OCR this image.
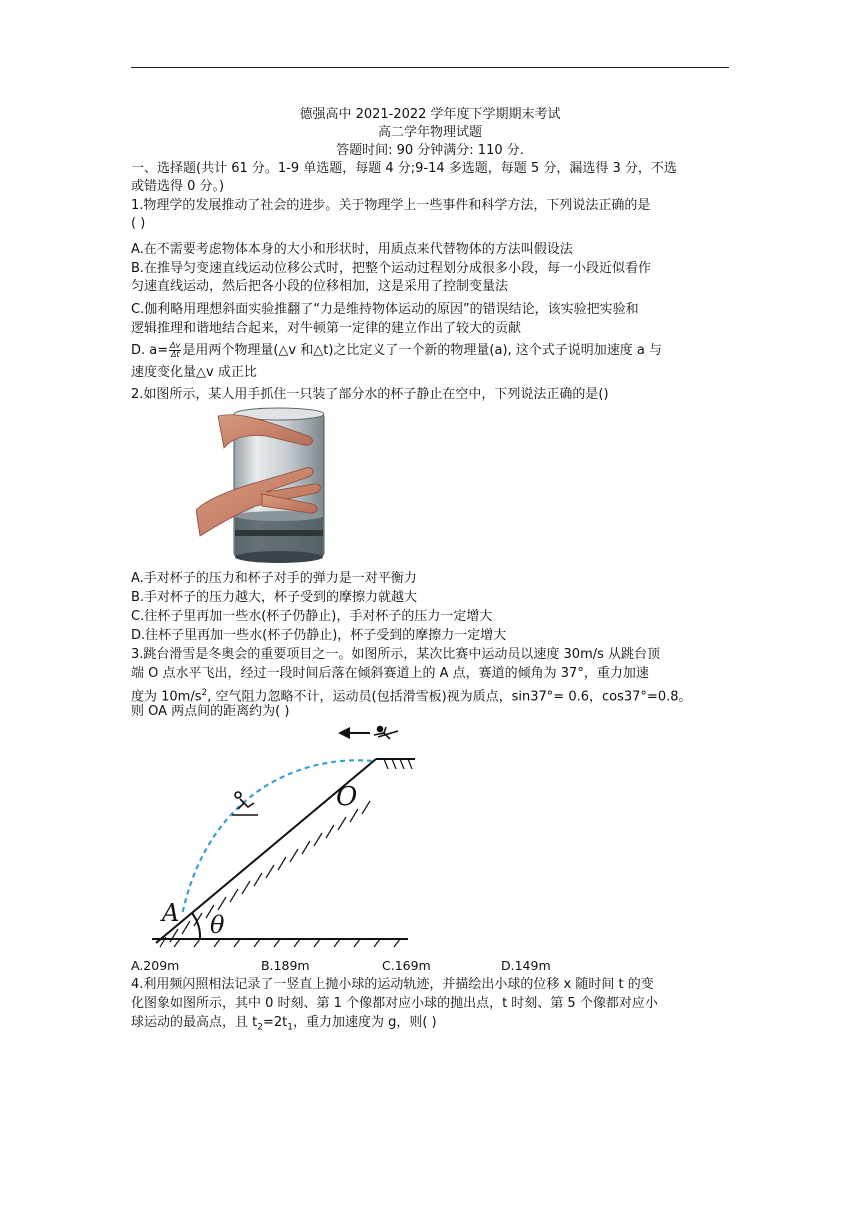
德强高中 2021-2022 学年度下学期期末考试
高二学年物理试题
答题时间: 90 分钟满分: 110 分.
一、选择题(共计 61 分。1-9 单选题，每题 4 分;9-14 多选题，每题 5 分，漏选得 3 分，不选
或错选得 0 分。)
1.物理学的发展推动了社会的进步。关于物理学上一些事件和科学方法，下列说法正确的是
( )
A.在不需要考虑物体本身的大小和形状时，用质点来代替物体的方法叫假设法
B.在推导匀变速直线运动位移公式时，把整个运动过程划分成很多小段，每一小段近似看作
匀速直线运动，然后把各小段的位移相加，这是采用了控制变量法
C.伽利略用理想斜面实验推翻了“力是维持物体运动的原因”的错误结论，该实验把实验和
逻辑推理和谐地结合起来，对牛顿第一定律的建立作出了较大的贡献
D. $a= \frac{\Delta v}{\Delta t}$ 是用两个物理量(△v 和△t)之比定义了一个新的物理量(a), 这个式子说明加速度 a 与
速度变化量△v 成正比
2.如图所示，某人用手抓住一只装了部分水的杯子静止在空中，下列说法正确的是()
A.手对杯子的压力和杯子对手的弹力是一对平衡力
B.手对杯子的压力越大，杯子受到的摩擦力就越大
C.往杯子里再加一些水(杯子仍静止)，手对杯子的压力一定增大
D.往杯子里再加一些水(杯子仍静止)，杯子受到的摩擦力一定增大
3.跳台滑雪是冬奥会的重要项目之一。如图所示，某次比赛中运动员以速度 30m/s 从跳台顶
端 O 点水平飞出，经过一段时间后落在倾斜赛道上的 A 点，赛道的倾角为 37°，重力加速
度为 $10m/s^2$, 空气阻力忽略不计，运动员(包括滑雪板)视为质点，sin37°= 0.6，cos37°=0.8。
则 OA 两点间的距离约为( )
O
A θ
A.209m	B.189m	C.169m	D.149m
4.利用频闪照相法记录了一竖直上抛小球的运动轨迹，并描绘出小球的位移 x 随时间 t 的变
化图象如图所示，其中 0 时刻、第 1 个像都对应小球的抛出点，t 时刻、第 5 个像都对应小
球运动的最高点，且 $t_2=2t_1$，重力加速度为 g，则( )
